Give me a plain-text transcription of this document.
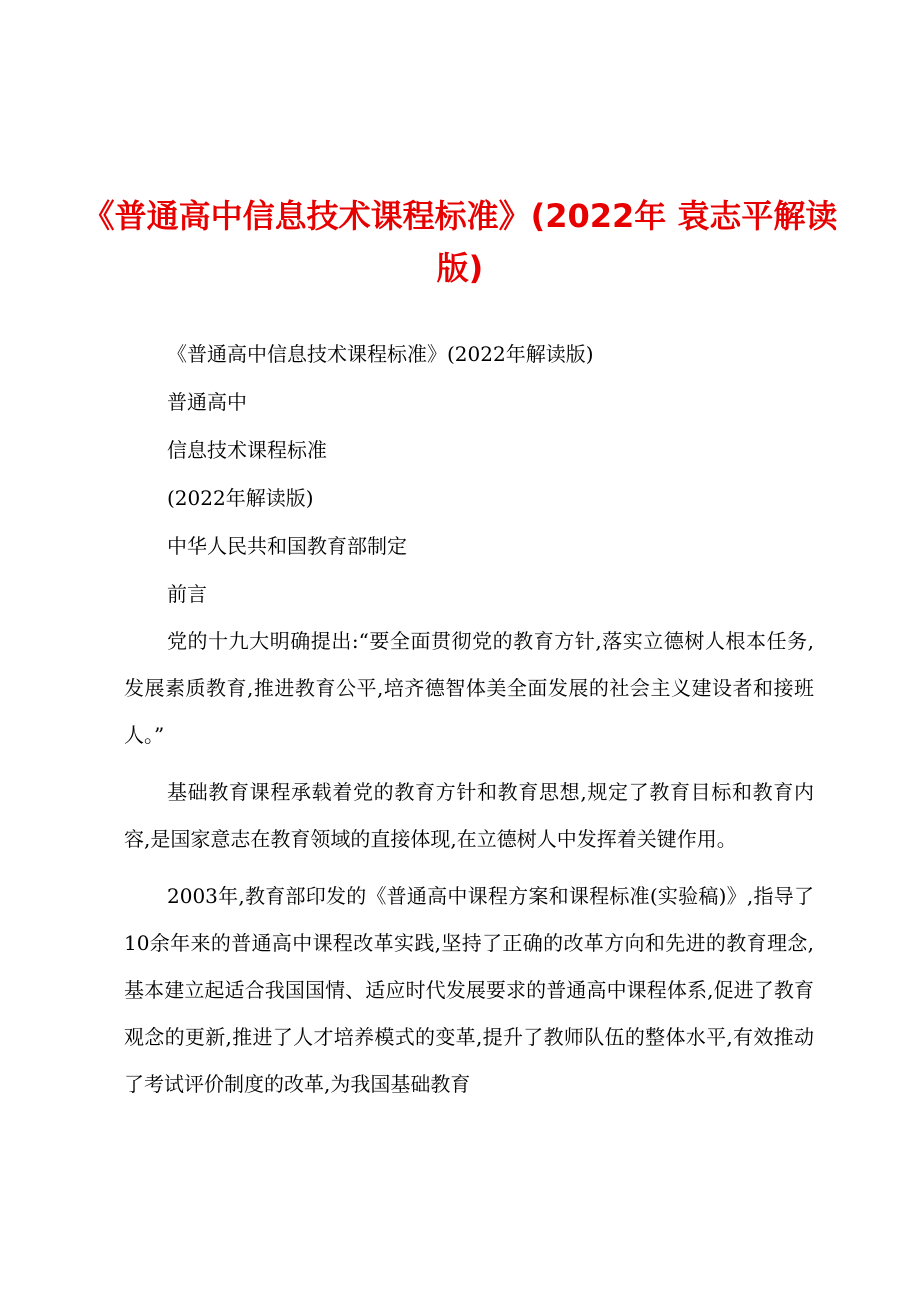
《普通高中信息技术课程标准》(2022年 袁志平解读版)

《普通高中信息技术课程标准》(2022年解读版)

普通高中

信息技术课程标准

(2022年解读版)

中华人民共和国教育部制定

前言

党的十九大明确提出:“要全面贯彻党的教育方针,落实立德树人根本任务,发展素质教育,推进教育公平,培齐德智体美全面发展的社会主义建设者和接班人。”

基础教育课程承载着党的教育方针和教育思想,规定了教育目标和教育内容,是国家意志在教育领域的直接体现,在立德树人中发挥着关键作用。

2003年,教育部印发的《普通高中课程方案和课程标准(实验稿)》,指导了10余年来的普通高中课程改革实践,坚持了正确的改革方向和先进的教育理念,基本建立起适合我国国情、适应时代发展要求的普通高中课程体系,促进了教育观念的更新,推进了人才培养模式的变革,提升了教师队伍的整体水平,有效推动了考试评价制度的改革,为我国基础教育
